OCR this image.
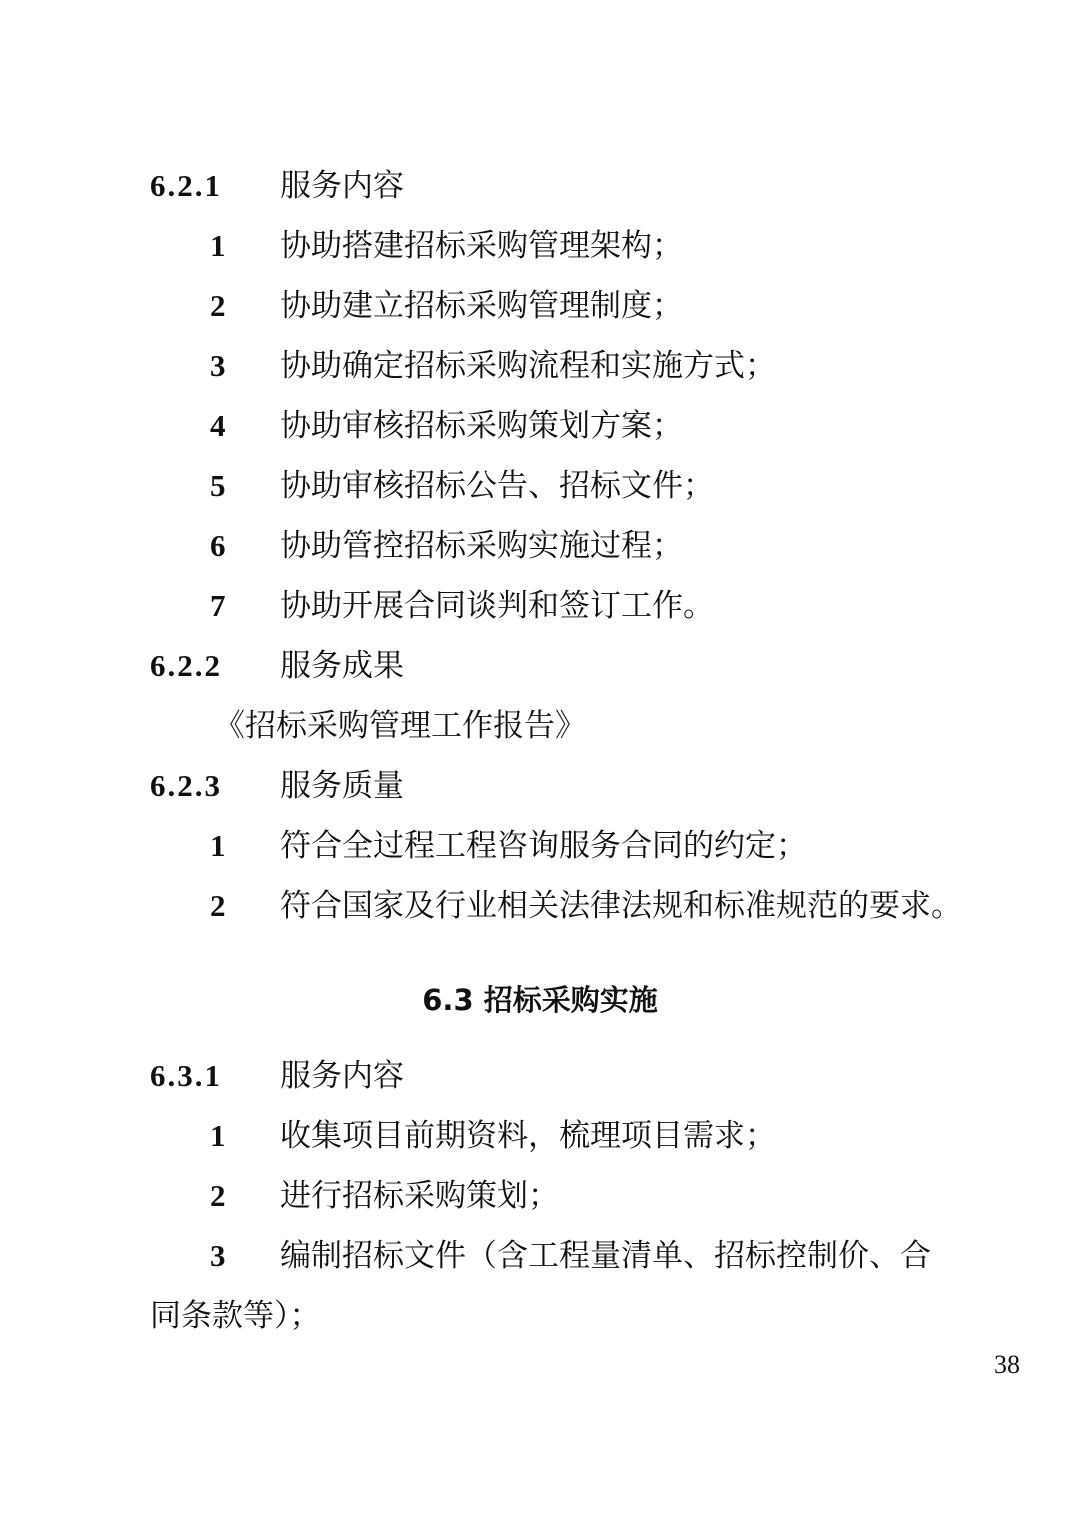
6.2.1 服务内容
1 协助搭建招标采购管理架构；
2 协助建立招标采购管理制度；
3 协助确定招标采购流程和实施方式；
4 协助审核招标采购策划方案；
5 协助审核招标公告、招标文件；
6 协助管控招标采购实施过程；
7 协助开展合同谈判和签订工作。
6.2.2 服务成果
《招标采购管理工作报告》
6.2.3 服务质量
1 符合全过程工程咨询服务合同的约定；
2 符合国家及行业相关法律法规和标准规范的要求。
6.3 招标采购实施
6.3.1 服务内容
1 收集项目前期资料，梳理项目需求；
2 进行招标采购策划；
3 编制招标文件（含工程量清单、招标控制价、合
同条款等）；
38
